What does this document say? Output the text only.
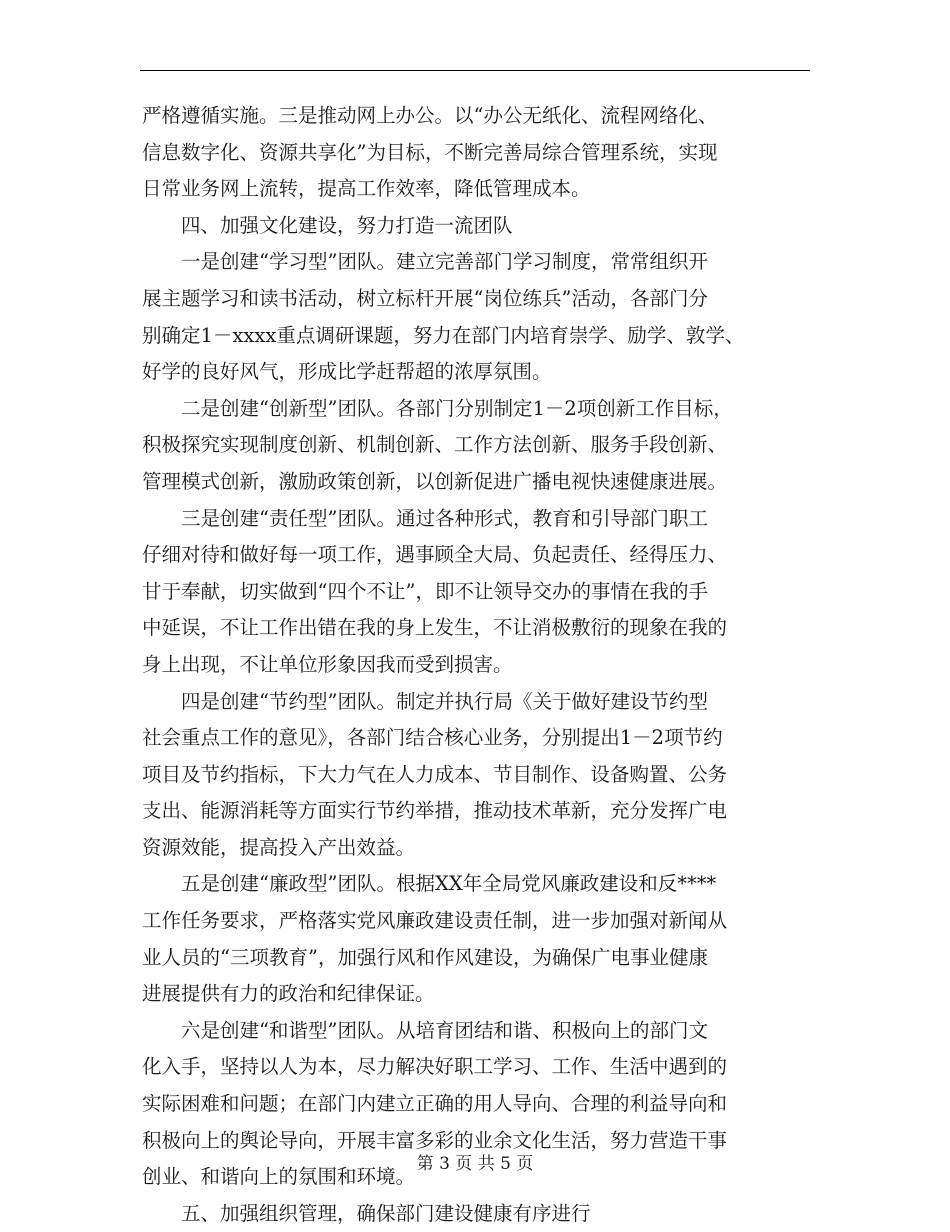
严格遵循实施。三是推动网上办公。以“办公无纸化、流程网络化、
信息数字化、资源共享化”为目标，不断完善局综合管理系统，实现
日常业务网上流转，提高工作效率，降低管理成本。
四、加强文化建设，努力打造一流团队
一是创建“学习型”团队。建立完善部门学习制度，常常组织开
展主题学习和读书活动，树立标杆开展“岗位练兵”活动，各部门分
别确定1－xxxx重点调研课题，努力在部门内培育崇学、励学、敦学、
好学的良好风气，形成比学赶帮超的浓厚氛围。
二是创建“创新型”团队。各部门分别制定1－2项创新工作目标，
积极探究实现制度创新、机制创新、工作方法创新、服务手段创新、
管理模式创新，激励政策创新，以创新促进广播电视快速健康进展。
三是创建“责任型”团队。通过各种形式，教育和引导部门职工
仔细对待和做好每一项工作，遇事顾全大局、负起责任、经得压力、
甘于奉献，切实做到“四个不让”，即不让领导交办的事情在我的手
中延误，不让工作出错在我的身上发生，不让消极敷衍的现象在我的
身上出现，不让单位形象因我而受到损害。
四是创建“节约型”团队。制定并执行局《关于做好建设节约型
社会重点工作的意见》，各部门结合核心业务，分别提出1－2项节约
项目及节约指标，下大力气在人力成本、节目制作、设备购置、公务
支出、能源消耗等方面实行节约举措，推动技术革新，充分发挥广电
资源效能，提高投入产出效益。
五是创建“廉政型”团队。根据XX年全局党风廉政建设和反****
工作任务要求，严格落实党风廉政建设责任制，进一步加强对新闻从
业人员的“三项教育”，加强行风和作风建设，为确保广电事业健康
进展提供有力的政治和纪律保证。
六是创建“和谐型”团队。从培育团结和谐、积极向上的部门文
化入手，坚持以人为本，尽力解决好职工学习、工作、生活中遇到的
实际困难和问题；在部门内建立正确的用人导向、合理的利益导向和
积极向上的舆论导向，开展丰富多彩的业余文化生活，努力营造干事
创业、和谐向上的氛围和环境。
五、加强组织管理，确保部门建设健康有序进行
第 3 页 共 5 页
